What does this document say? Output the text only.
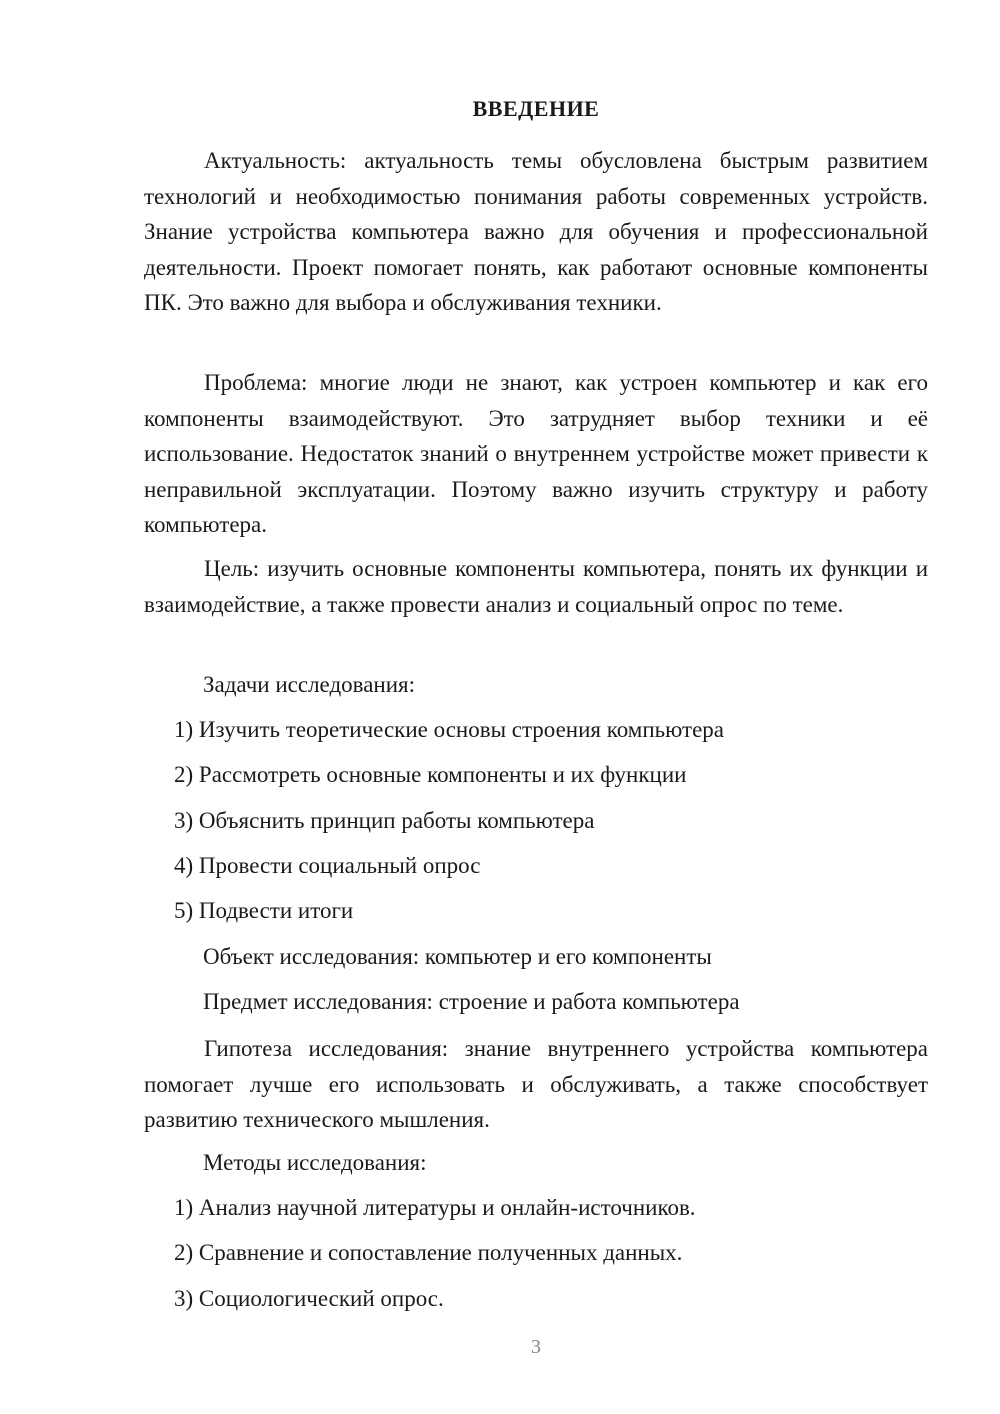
ВВЕДЕНИЕ

Актуальность: актуальность темы обусловлена быстрым развитием технологий и необходимостью понимания работы современных устройств. Знание устройства компьютера важно для обучения и профессиональной деятельности. Проект помогает понять, как работают основные компоненты ПК. Это важно для выбора и обслуживания техники.

Проблема: многие люди не знают, как устроен компьютер и как его компоненты взаимодействуют. Это затрудняет выбор техники и её использование. Недостаток знаний о внутреннем устройстве может привести к неправильной эксплуатации. Поэтому важно изучить структуру и работу компьютера.

Цель: изучить основные компоненты компьютера, понять их функции и взаимодействие, а также провести анализ и социальный опрос по теме.

Задачи исследования:

1) Изучить теоретические основы строения компьютера

2) Рассмотреть основные компоненты и их функции

3) Объяснить принцип работы компьютера

4) Провести социальный опрос

5) Подвести итоги

Объект исследования: компьютер и его компоненты

Предмет исследования: строение и работа компьютера

Гипотеза исследования: знание внутреннего устройства компьютера помогает лучше его использовать и обслуживать, а также способствует развитию технического мышления.

Методы исследования:

1) Анализ научной литературы и онлайн-источников.

2) Сравнение и сопоставление полученных данных.

3) Социологический опрос.

3
